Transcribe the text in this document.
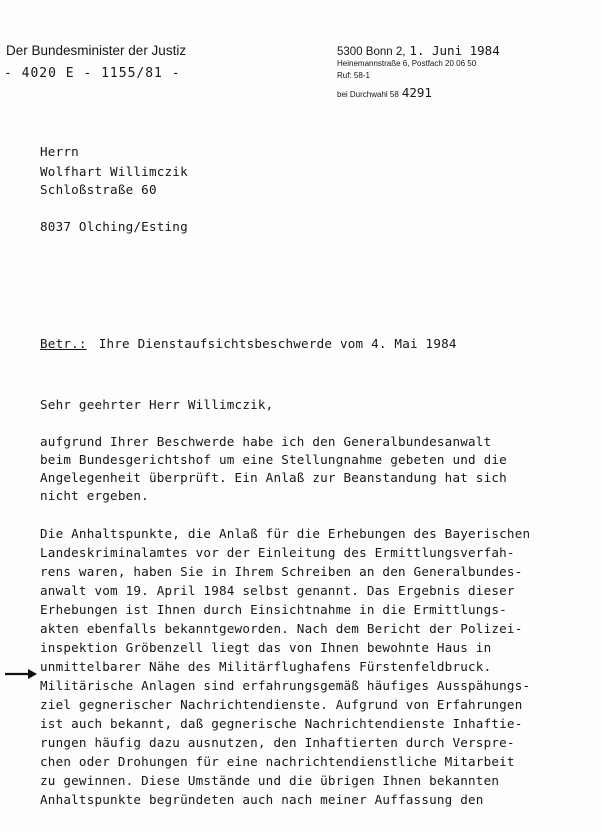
Der Bundesminister der Justiz
- 4020 E - 1155/81 -
5300 Bonn 2, 1. Juni 1984
Heinemannstraße 6, Postfach 20 06 50
Ruf: 58-1
bei Durchwahl 58 4291
Herrn
Wolfhart Willimczik
Schloßstraße 60
8037 Olching/Esting
Betr.: Ihre Dienstaufsichtsbeschwerde vom 4. Mai 1984
Sehr geehrter Herr Willimczik,
aufgrund Ihrer Beschwerde habe ich den Generalbundesanwalt
beim Bundesgerichtshof um eine Stellungnahme gebeten und die
Angelegenheit überprüft. Ein Anlaß zur Beanstandung hat sich
nicht ergeben.
Die Anhaltspunkte, die Anlaß für die Erhebungen des Bayerischen
Landeskriminalamtes vor der Einleitung des Ermittlungsverfah-
rens waren, haben Sie in Ihrem Schreiben an den Generalbundes-
anwalt vom 19. April 1984 selbst genannt. Das Ergebnis dieser
Erhebungen ist Ihnen durch Einsichtnahme in die Ermittlungs-
akten ebenfalls bekanntgeworden. Nach dem Bericht der Polizei-
inspektion Gröbenzell liegt das von Ihnen bewohnte Haus in
unmittelbarer Nähe des Militärflughafens Fürstenfeldbruck.
Militärische Anlagen sind erfahrungsgemäß häufiges Ausspähungs-
ziel gegnerischer Nachrichtendienste. Aufgrund von Erfahrungen
ist auch bekannt, daß gegnerische Nachrichtendienste Inhaftie-
rungen häufig dazu ausnutzen, den Inhaftierten durch Verspre-
chen oder Drohungen für eine nachrichtendienstliche Mitarbeit
zu gewinnen. Diese Umstände und die übrigen Ihnen bekannten
Anhaltspunkte begründeten auch nach meiner Auffassung den
